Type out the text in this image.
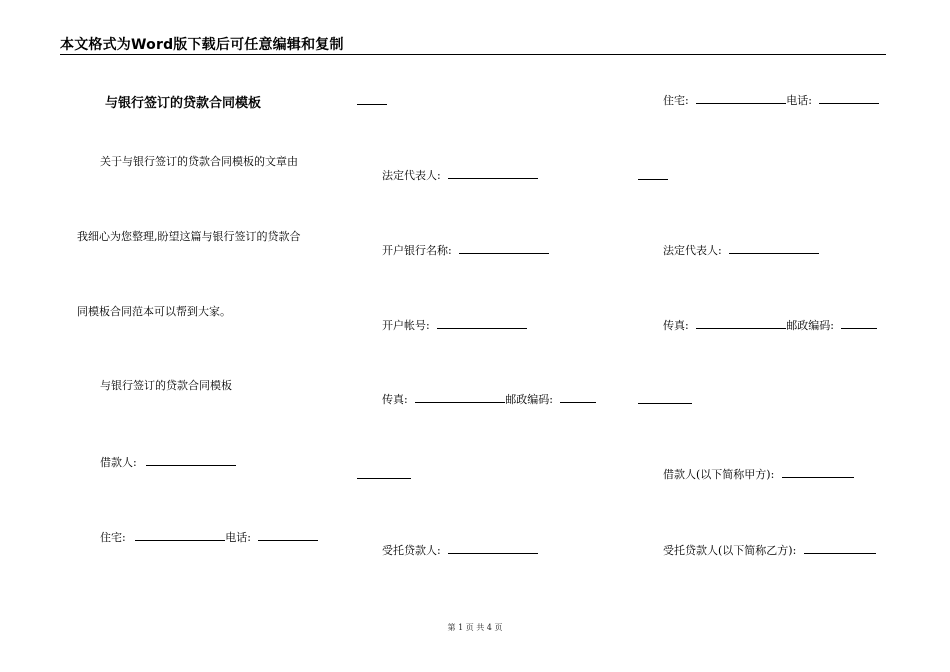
本文格式为Word版下载后可任意编辑和复制
与银行签订的贷款合同模板
关于与银行签订的贷款合同模板的文章由
我细心为您整理,盼望这篇与银行签订的贷款合
同模板合同范本可以帮到大家。
与银行签订的贷款合同模板
借款人:
住宅:	电话:
法定代表人:
开户银行名称:
开户帐号:
传真:	邮政编码:
受托贷款人:
住宅:	电话:
法定代表人:
传真:	邮政编码:
借款人(以下简称甲方):
受托贷款人(以下简称乙方):
第 1 页 共 4 页
